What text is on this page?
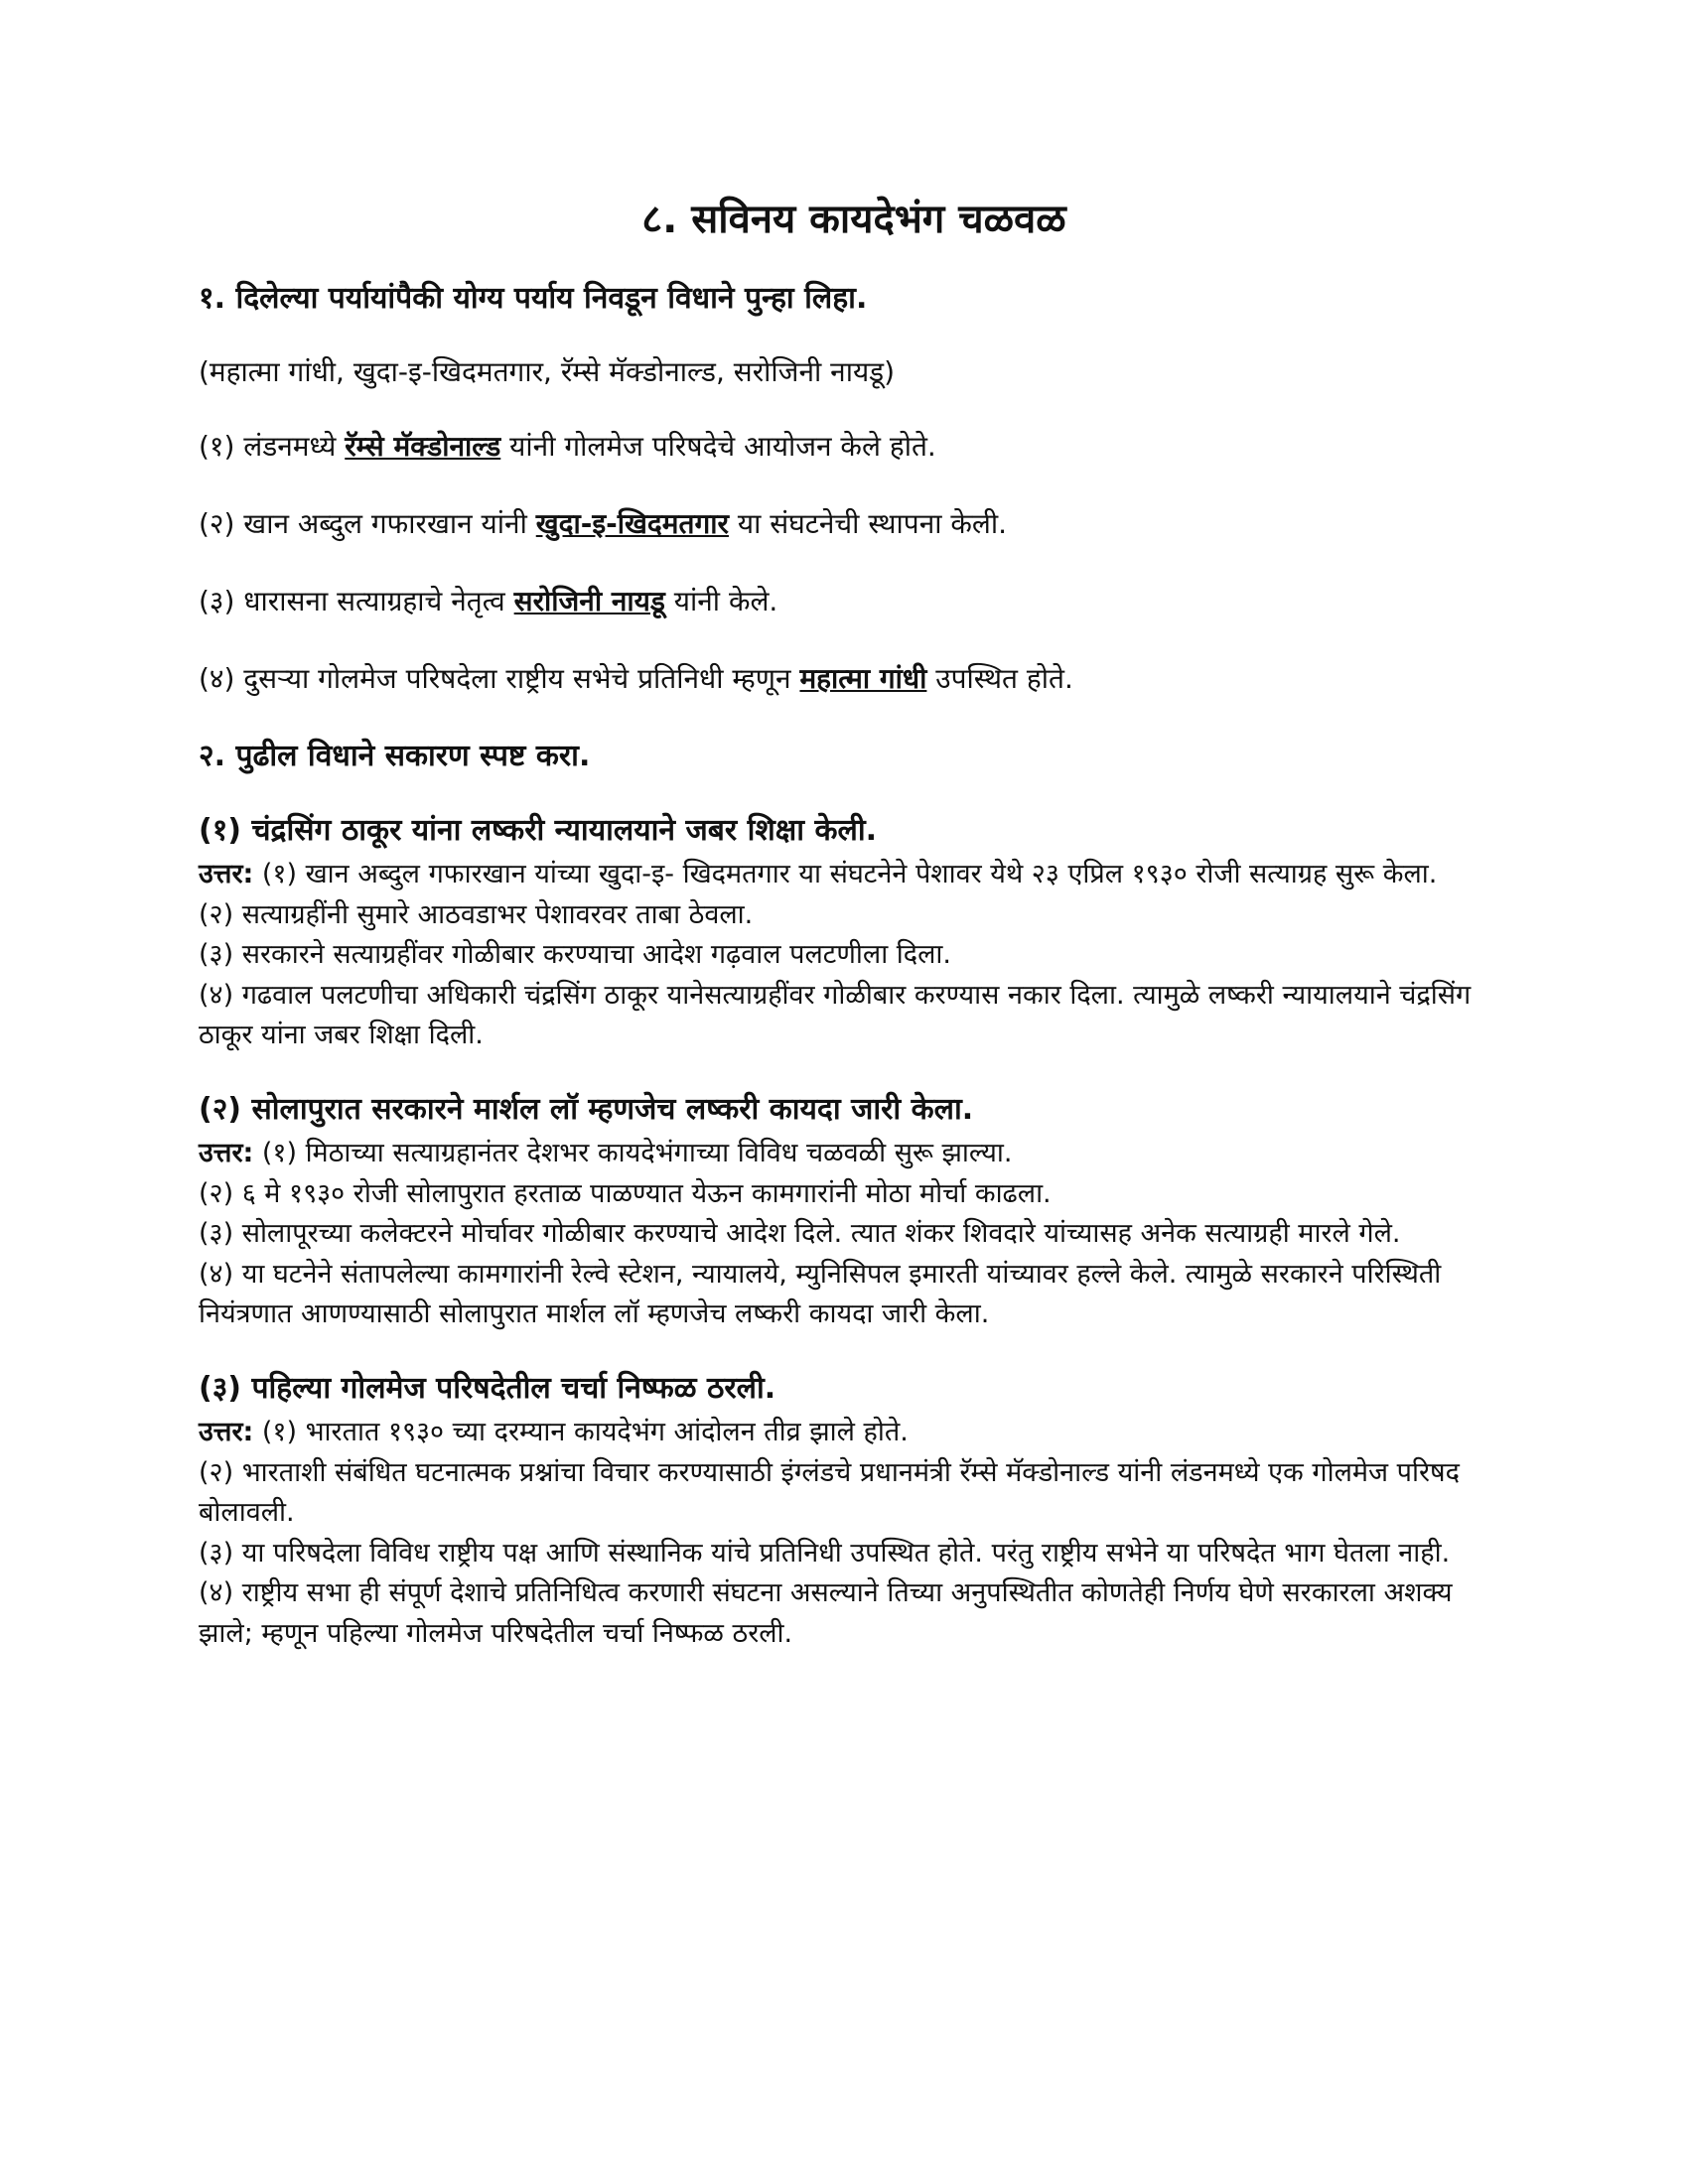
८. सविनय कायदेभंग चळवळ
१. दिलेल्या पर्यायांपैकी योग्य पर्याय निवडून विधाने पुन्हा लिहा.
(महात्मा गांधी, खुदा-इ-खिदमतगार, रॅम्से मॅक्डोनाल्ड, सरोजिनी नायडू)
(१) लंडनमध्ये रॅम्से मॅक्डोनाल्ड यांनी गोलमेज परिषदेचे आयोजन केले होते.
(२) खान अब्दुल गफारखान यांनी खुदा-इ-खिदमतगार या संघटनेची स्थापना केली.
(३) धारासना सत्याग्रहाचे नेतृत्व सरोजिनी नायडू यांनी केले.
(४) दुसऱ्या गोलमेज परिषदेला राष्ट्रीय सभेचे प्रतिनिधी म्हणून महात्मा गांधी उपस्थित होते.
२. पुढील विधाने सकारण स्पष्ट करा.
(१) चंद्रसिंग ठाकूर यांना लष्करी न्यायालयाने जबर शिक्षा केली.

उत्तर: (१) खान अब्दुल गफारखान यांच्या खुदा-इ- खिदमतगार या संघटनेने पेशावर येथे २३ एप्रिल १९३० रोजी सत्याग्रह सुरू केला.

(२) सत्याग्रहींनी सुमारे आठवडाभर पेशावरवर ताबा ठेवला.

(३) सरकारने सत्याग्रहींवर गोळीबार करण्याचा आदेश गढ़वाल पलटणीला दिला.

(४) गढवाल पलटणीचा अधिकारी चंद्रसिंग ठाकूर यानेसत्याग्रहींवर गोळीबार करण्यास नकार दिला. त्यामुळे लष्करी न्यायालयाने चंद्रसिंग ठाकूर यांना जबर शिक्षा दिली.

(२) सोलापुरात सरकारने मार्शल लॉ म्हणजेच लष्करी कायदा जारी केला.

उत्तर: (१) मिठाच्या सत्याग्रहानंतर देशभर कायदेभंगाच्या विविध चळवळी सुरू झाल्या.

(२) ६ मे १९३० रोजी सोलापुरात हरताळ पाळण्यात येऊन कामगारांनी मोठा मोर्चा काढला.

(३) सोलापूरच्या कलेक्टरने मोर्चावर गोळीबार करण्याचे आदेश दिले. त्यात शंकर शिवदारे यांच्यासह अनेक सत्याग्रही मारले गेले.

(४) या घटनेने संतापलेल्या कामगारांनी रेल्वे स्टेशन, न्यायालये, म्युनिसिपल इमारती यांच्यावर हल्ले केले. त्यामुळे सरकारने परिस्थिती नियंत्रणात आणण्यासाठी सोलापुरात मार्शल लॉ म्हणजेच लष्करी कायदा जारी केला.

(३) पहिल्या गोलमेज परिषदेतील चर्चा निष्फळ ठरली.

उत्तर: (१) भारतात १९३० च्या दरम्यान कायदेभंग आंदोलन तीव्र झाले होते.

(२) भारताशी संबंधित घटनात्मक प्रश्नांचा विचार करण्यासाठी इंग्लंडचे प्रधानमंत्री रॅम्से मॅक्डोनाल्ड यांनी लंडनमध्ये एक गोलमेज परिषद बोलावली.

(३) या परिषदेला विविध राष्ट्रीय पक्ष आणि संस्थानिक यांचे प्रतिनिधी उपस्थित होते. परंतु राष्ट्रीय सभेने या परिषदेत भाग घेतला नाही.

(४) राष्ट्रीय सभा ही संपूर्ण देशाचे प्रतिनिधित्व करणारी संघटना असल्याने तिच्या अनुपस्थितीत कोणतेही निर्णय घेणे सरकारला अशक्य झाले; म्हणून पहिल्या गोलमेज परिषदेतील चर्चा निष्फळ ठरली.
